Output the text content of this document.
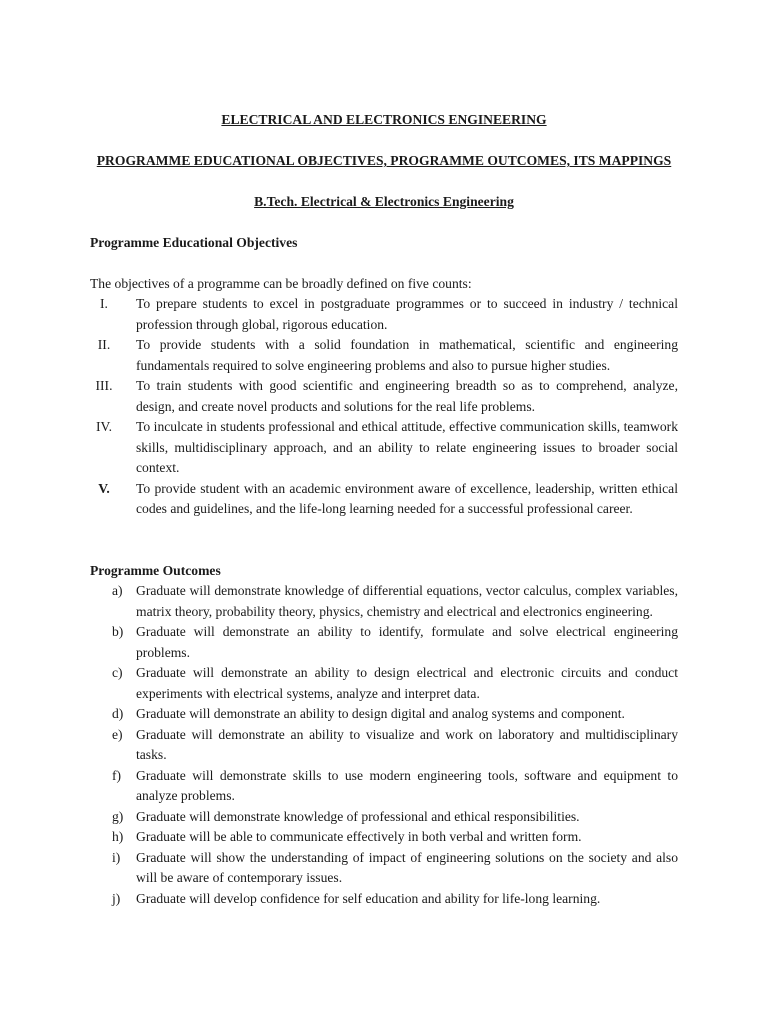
ELECTRICAL AND ELECTRONICS ENGINEERING
PROGRAMME EDUCATIONAL OBJECTIVES, PROGRAMME OUTCOMES, ITS MAPPINGS
B.Tech. Electrical & Electronics Engineering
Programme Educational Objectives
The objectives of a programme can be broadly defined on five counts:
I.	To prepare students to excel in postgraduate programmes or to succeed in industry / technical profession through global, rigorous education.
II.	To provide students with a solid foundation in mathematical, scientific and engineering fundamentals required to solve engineering problems and also to pursue higher studies.
III.	To train students with good scientific and engineering breadth so as to comprehend, analyze, design, and create novel products and solutions for the real life problems.
IV.	To inculcate in students professional and ethical attitude, effective communication skills, teamwork skills, multidisciplinary approach, and an ability to relate engineering issues to broader social context.
V.	To provide student with an academic environment aware of excellence, leadership, written ethical codes and guidelines, and the life-long learning needed for a successful professional career.
Programme Outcomes
a) Graduate will demonstrate knowledge of differential equations, vector calculus, complex variables, matrix theory, probability theory, physics, chemistry and electrical and electronics engineering.
b) Graduate will demonstrate an ability to identify, formulate and solve electrical engineering problems.
c) Graduate will demonstrate an ability to design electrical and electronic circuits and conduct experiments with electrical systems, analyze and interpret data.
d) Graduate will demonstrate an ability to design digital and analog systems and component.
e) Graduate will demonstrate an ability to visualize and work on laboratory and multidisciplinary tasks.
f)	Graduate will demonstrate skills to use modern engineering tools, software and equipment to analyze problems.
g) Graduate will demonstrate knowledge of professional and ethical responsibilities.
h) Graduate will be able to communicate effectively in both verbal and written form.
i)	Graduate will show the understanding of impact of engineering solutions on the society and also will be aware of contemporary issues.
j)	Graduate will develop confidence for self education and ability for life-long learning.
